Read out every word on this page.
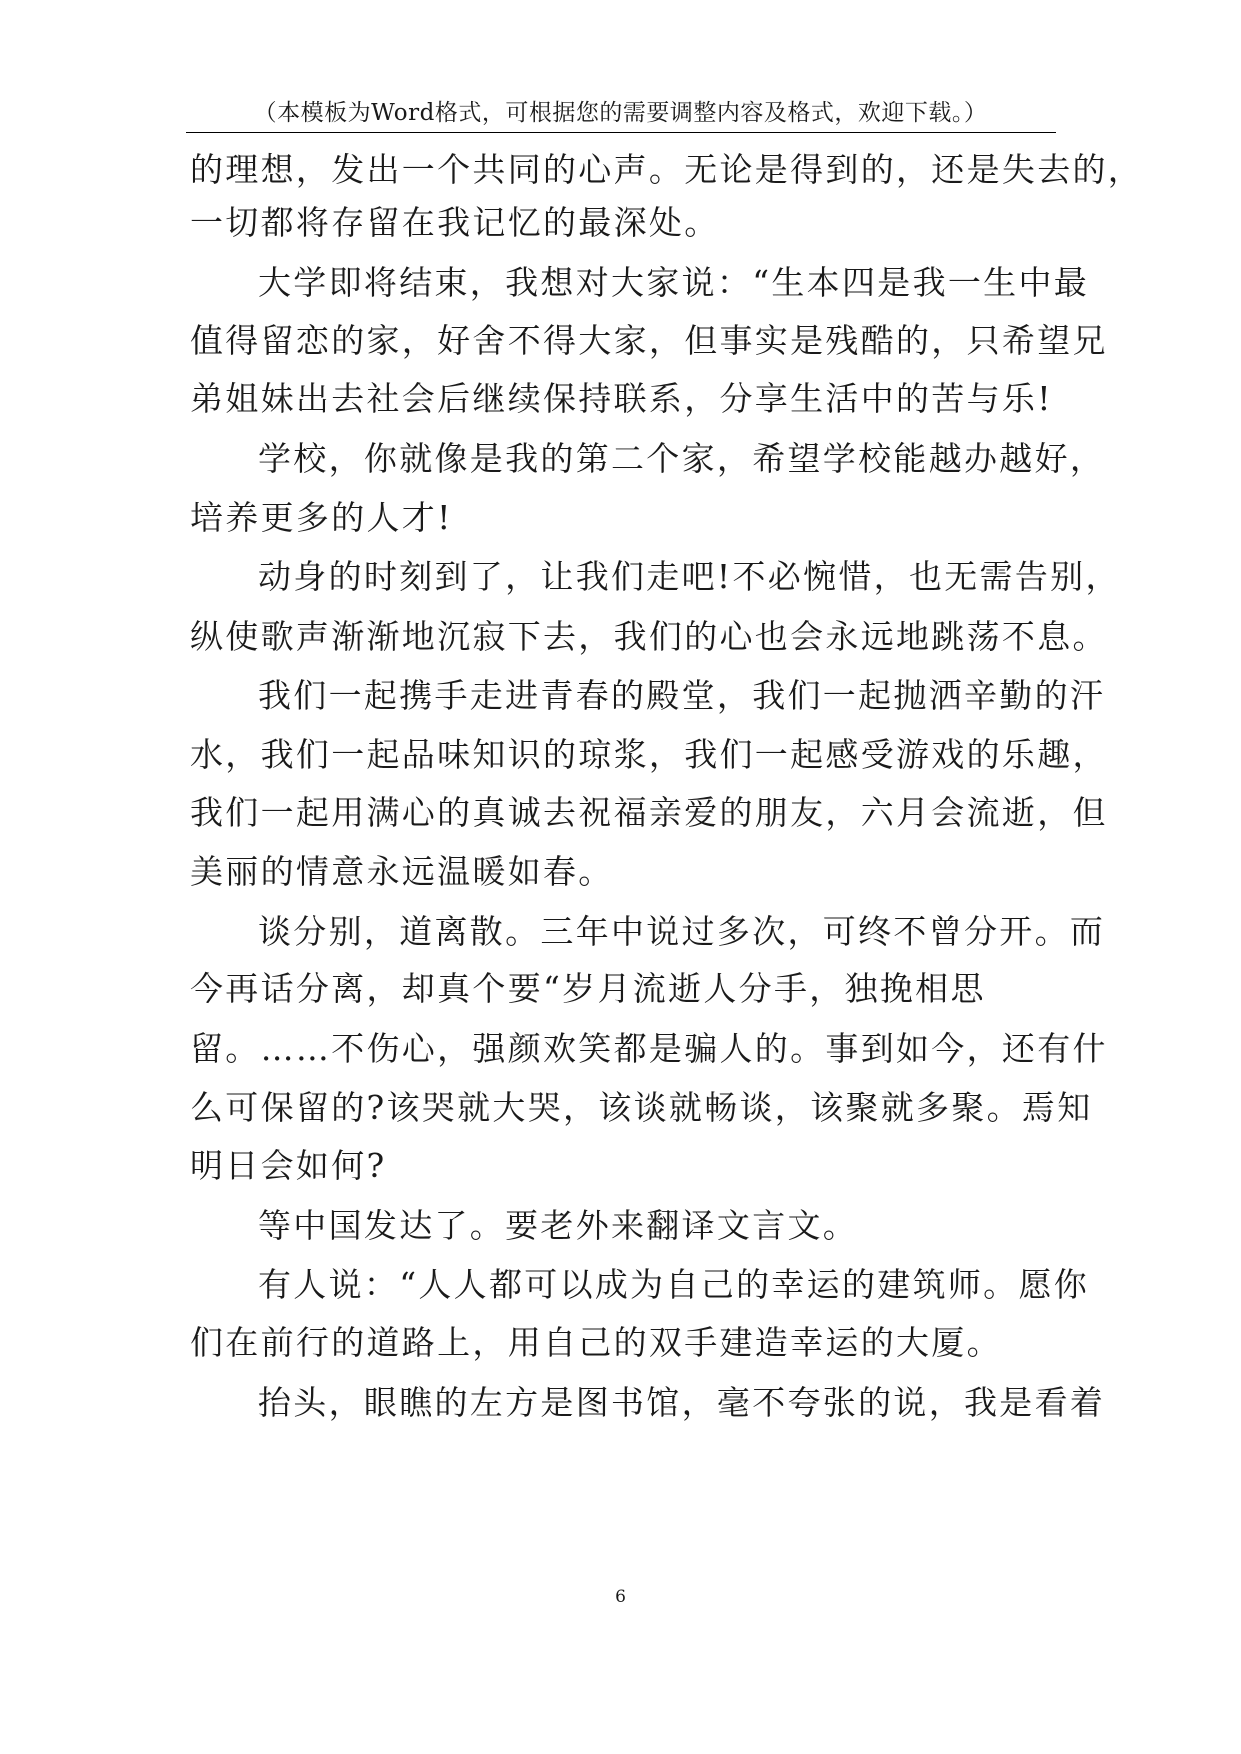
（本模板为Word格式，可根据您的需要调整内容及格式，欢迎下载。）
的理想，发出一个共同的心声。无论是得到的，还是失去的，
一切都将存留在我记忆的最深处。
大学即将结束，我想对大家说：“生本四是我一生中最
值得留恋的家，好舍不得大家，但事实是残酷的，只希望兄
弟姐妹出去社会后继续保持联系，分享生活中的苦与乐!
学校，你就像是我的第二个家，希望学校能越办越好，
培养更多的人才!
动身的时刻到了，让我们走吧!不必惋惜，也无需告别，
纵使歌声渐渐地沉寂下去，我们的心也会永远地跳荡不息。
我们一起携手走进青春的殿堂，我们一起抛洒辛勤的汗
水，我们一起品味知识的琼浆，我们一起感受游戏的乐趣，
我们一起用满心的真诚去祝福亲爱的朋友，六月会流逝，但
美丽的情意永远温暖如春。
谈分别，道离散。三年中说过多次，可终不曾分开。而
今再话分离，却真个要“岁月流逝人分手，独挽相思
留。……不伤心，强颜欢笑都是骗人的。事到如今，还有什
么可保留的?该哭就大哭，该谈就畅谈，该聚就多聚。焉知
明日会如何?
等中国发达了。要老外来翻译文言文。
有人说：“人人都可以成为自己的幸运的建筑师。愿你
们在前行的道路上，用自己的双手建造幸运的大厦。
抬头，眼瞧的左方是图书馆，毫不夸张的说，我是看着
6
